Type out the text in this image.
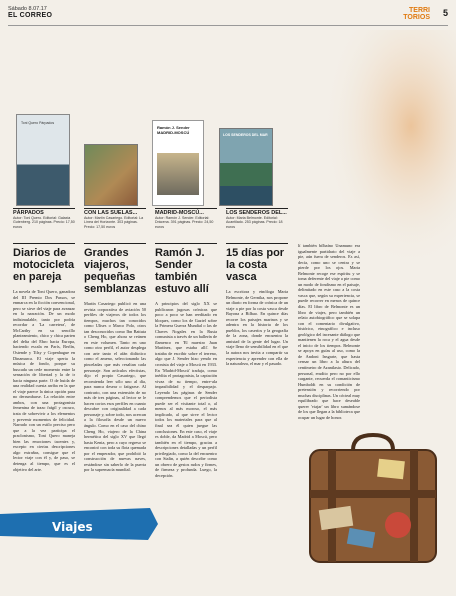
Sábado 8.07.17
EL CORREO
TERRI
TORIOS 5
Toni Quero Párpados
Ramón J. Sender MADRID-MOSCÚ	LOS SENDEROS DEL MAR
PÁRPADOS
Autor: Toni Quero. Editorial: Galaxia Gutenberg. 210 páginas. Precio: 17,50 euros
CON LAS SUELAS...
Autor: Martín Casariego. Editorial: La Línea del Horizonte. 303 páginas. Precio: 17,50 euros
MADRID-MOSCÚ...
Autor: Ramón J. Sender. Editorial: Drácena. 391 páginas. Precio: 24,50 euros
LOS SENDEROS DEL...
Autor: Maria Belmonte. Editorial: Acantilado. 253 páginas. Precio: 18 euros
Diarios de motocicleta en pareja
La novela de Toni Quero, ganadora del III Premio Dos Passos, se enmarca en la ficción convencional, pero se sirve del viaje para avanzar en la narración. De un modo indisimulable, tanto por podría recordar a 'La carretera', de McCarthy en su sencillo planteamiento, chico y chica parten del delta del Ebro hacia Europa, haciendo escala en París, Berlín, Ostende y Tilsy y Copenhague en Dinamarca. El viaje sperta la música de fondo, porque su buscada un cede momento entre la sensación de libertad y la de ir hacia ninguna parte. O de huida de una realidad cuesta arriba en la que el viaje parece la única opción para no derrumbarse. La relación entre ambos, con una protagonista femenina de trazo frágil y oscuro, trata de sobrevivir a los elementos y prevenir momentos de felicidad. Narrado con un estilo preciso pero que a la vez participa el praclonismo, Toni Quero maneja bien las emociones tacentes y, excepto en ciertas descripciones algo extrañas, consigue que el lector viaje con él y, de paso, se detenga al tiempo, que es el objetivo del arte.
Grandes viajeros, pequeñas semblanzas
Martín Casariego publicó en una revista corporativa de aviación 50 perfiles de viajeros de todos los tiempos, muchos tan conocidos como Ulises o Marco Polo, otros tan desconocidos como Ibn Battuta o Cheng Ho, que ahora se reúnen en este volumen. Tanto en uno como otro perfil, el autor desplega con arte tanto el afán didáctico como el ameno, seleccionando las pinceladas que más resaltan cada personaje. Son artículos efectistas, dijo el propio Casariego, que recomienda leer sólo uno al día, para nunca desear o fatigarse. Al contrario, con una extensión de no más de tres páginas, al lector se le hacen cortos esos perfiles en cuanto descubre con originalidad a cada personaje y, sobre todo, nos acercan a la filosofía desde un nuevo ángulo. Como en el caso del chino Cheng Ho, viajero de la China hermética del siglo XV que llegó hasta Kenia, pero a cuyo regreso se encontró con toda su flota quemada por el emperador, que prohibió la construcción de nuevas naves, restándose sin saberlo de la puerta por la supremacía mundial.
Ramón J. Sender también estuvo allí
A principios del siglo XX se publicaron jugosas crónicas que poco a poco se han reeditado en bloques, como los de Gaziel sobre la Primera Guerra Mundial o las de Chaves Nogales en la Rusia comunista a través de un ballerín de flamenco en 'El maestro Juan Martínez, que estaba allí'. Se trataba de escribir sobre el terreno, algo que J. Sender hizo yendo en cronista del viaje a Moscú en 1933. En 'Madrid-Moscú' traduja, como inédita el protagonista, la captación vivaz de su tiempo, entre-ala impasibilidad y el desparpajo. Leyendo las páginas de Sender comprendemos que el periodista puede ser el visitante total o, al menos al más moroso, el más implicado, al que sirve el lector todos los materiales para que al final sea él quien juegue las conclusiones. En este caso, el viaje es doble, da Madrid a Moscú, pero también en el tiempo, gracias a descripciones detalladas y un perfil privilegiado, como la del encuentro con Stalin, a quién describe como un obrero de gestos rudos y firmes, de firmeza y profunda. Luego, la decepción.
15 días por la costa vasca
La escritora y etnóloga Maria Belmonte, de Gernika, nos propone un diario en forma de crónica de un viaje a pie por la costa vasca desde Bayona a Bilbao. En quince días recorre los paisajes marinos y se adentra en la historia de los pueblos, los caseríos y la geografía de la zona, donde encuentra la amistad de la gente del lugar. Un viaje lleno de sensibilidad en el que la autora nos invita a compartir su experiencia y aprender con ella de la naturaleza, el mar y el pasado.
lí también bilbaíno Unamuno era igualmente partidario del viaje a pie, aún fuera de senderos. Es así, decía, como uno se centra y se pierde por los ojos. Maria Belmonte recoge ese espíritu y se toma deferente del viaje a pie como un modo de fondismo en el paisaje, delimitado en este caso a la costa vasca que, según su experiencia, se puede recorrer en menos de quince días. El libro de Belmonte es un libro de viajes, pero también un relato autobiográfico que se solapa con el comentario divulgativo, histórico, etnográfico e incluso geológico del incesante diálogo que mantienen la roca y el agua desde el inicio de los tiempos. Belmonte se apoya en guías al uso, como la de Andoni Insgarte, que hasta censar un libro a la altura del centímetro de Azantlasio. Delicado, personal, erudito pero no por ello cargante, recuerda el romanticismo Humboldt en su condición de pretensión y recorriendo por muchas disciplinas. Un cócteal muy equilibrado que hace deseable querer 'viajar' un libro sumándose de los que llegan a la biblioteca que ocupar un lugar de honor.
Viajes
